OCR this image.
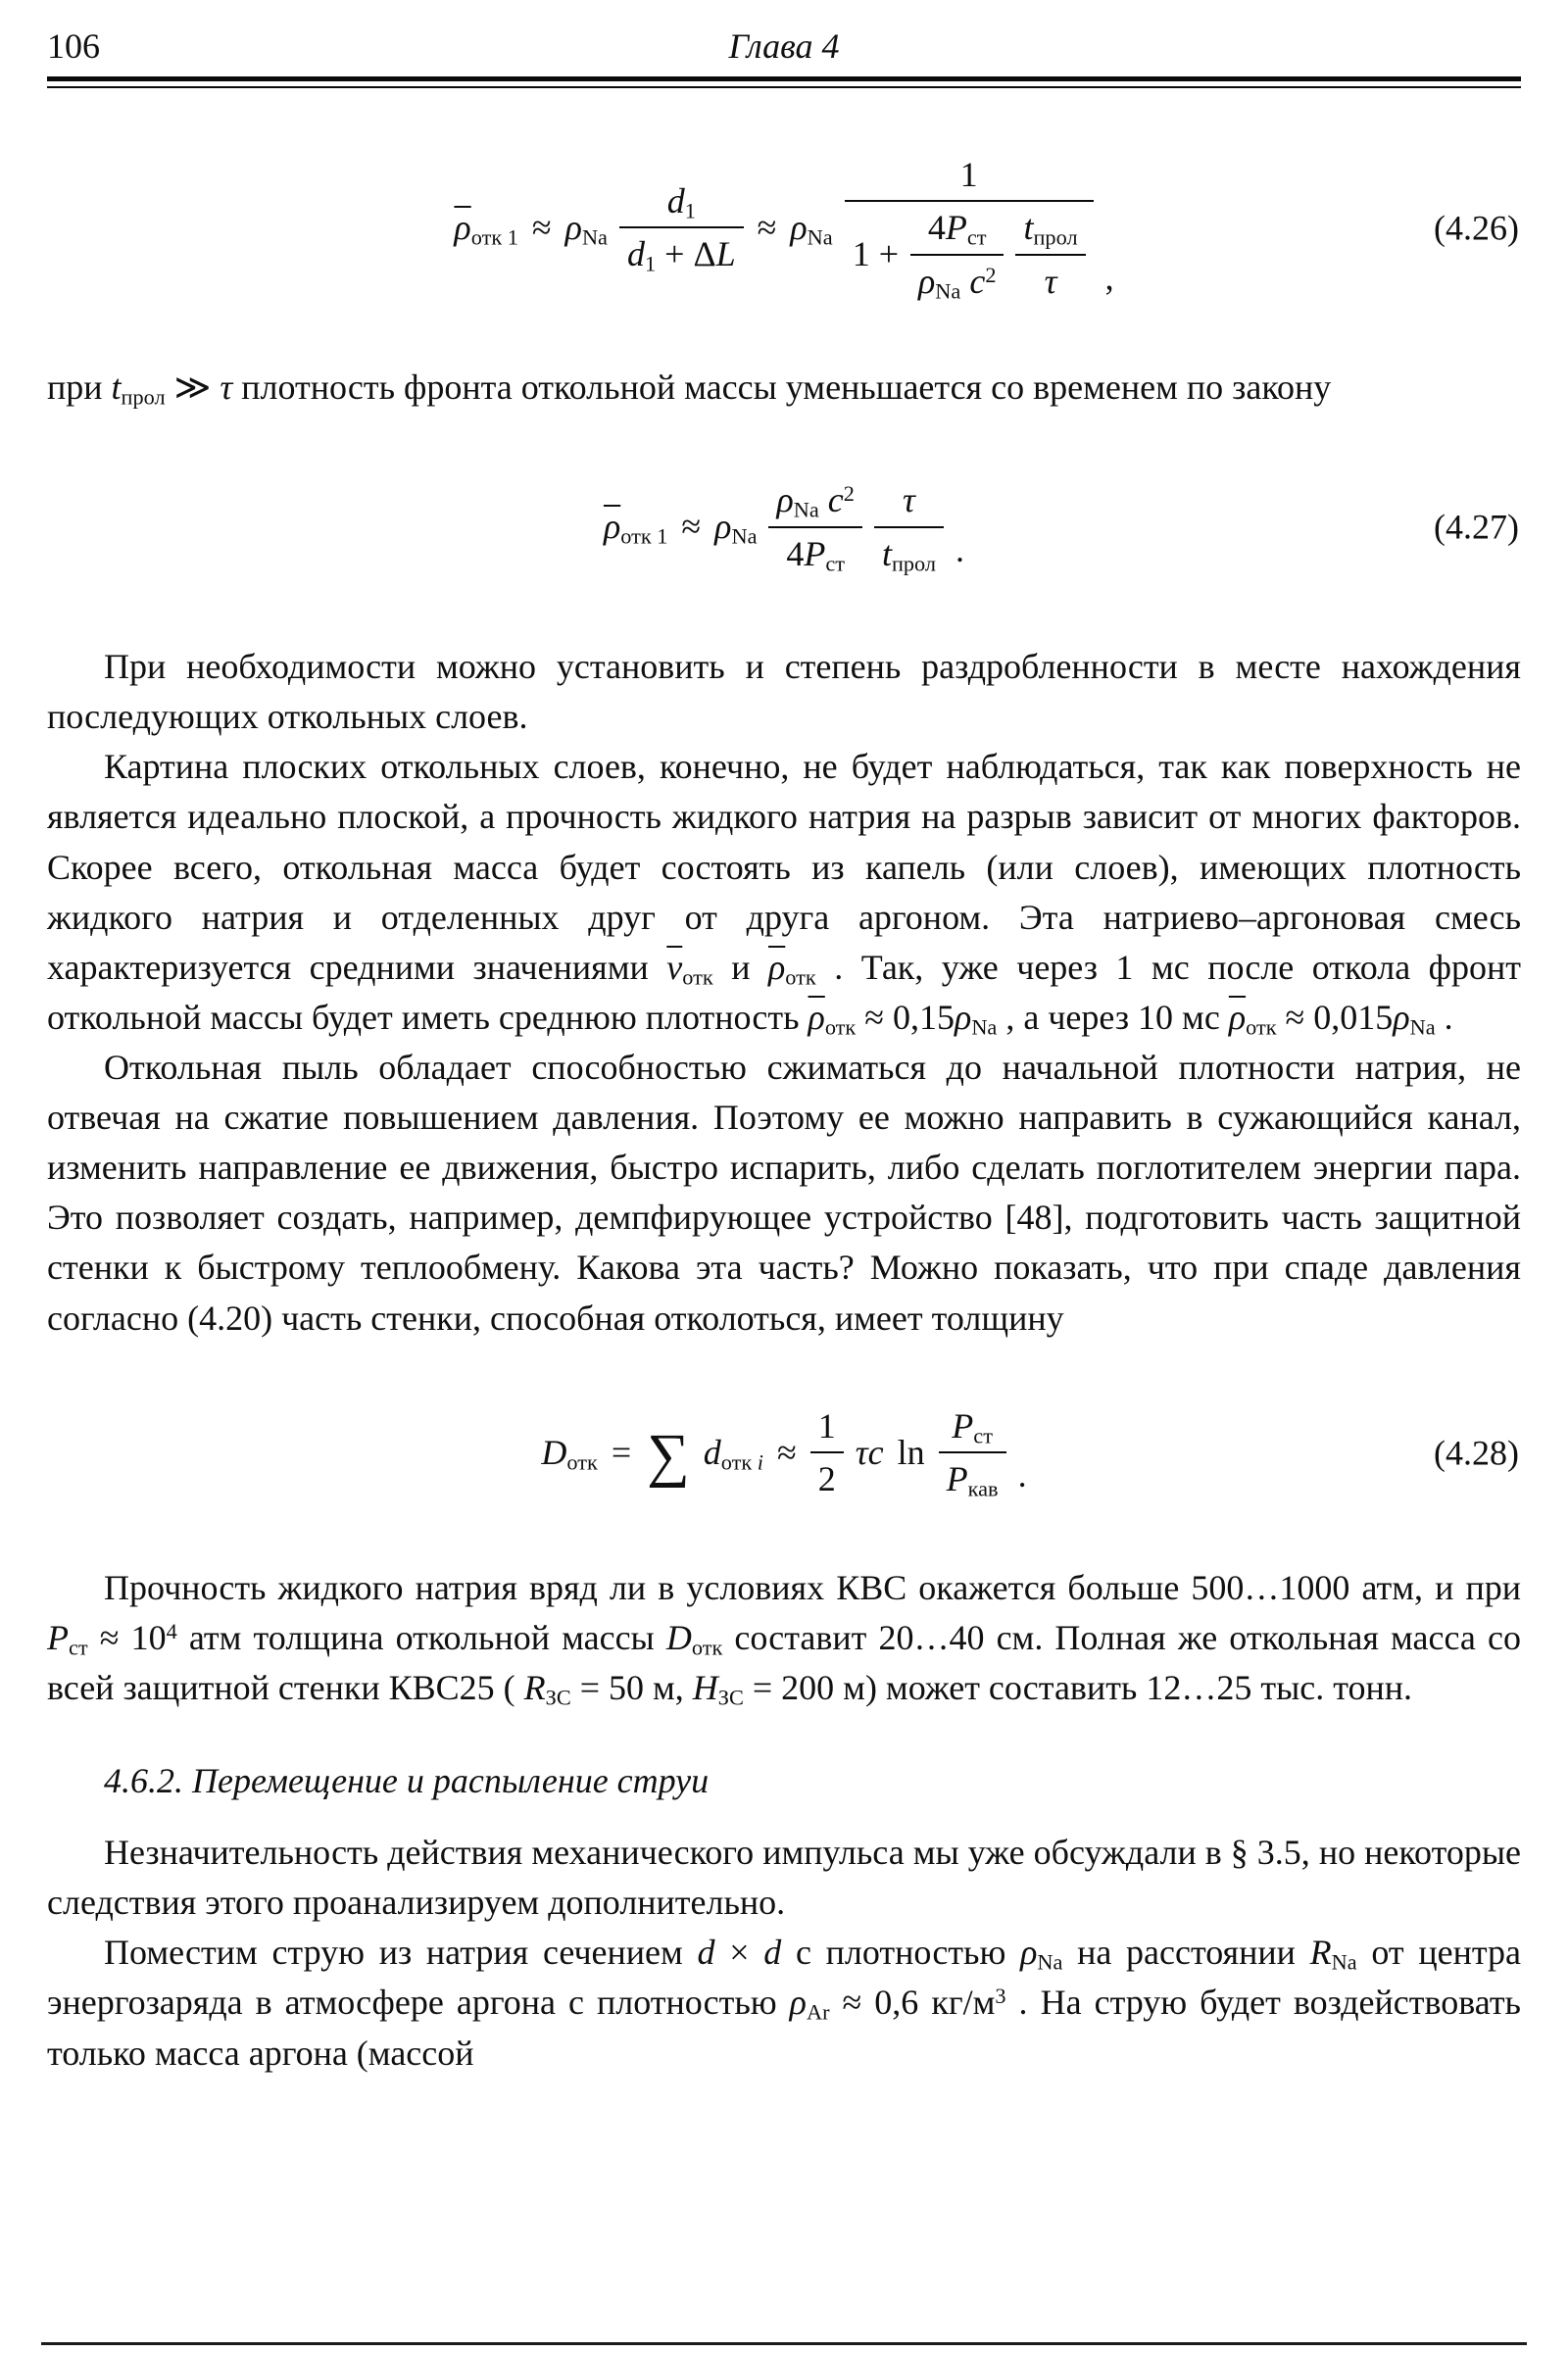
106	Глава 4
$\overline{\rho}_{отк 1} \approx \rho_{Na} \frac{d_1}{d_1 + \Delta L} \approx \rho_{Na}$
1
$1 + \frac{4P_{ст}}{\rho_{Na} c^2} \frac{t_{прол}}{\tau}$ ,
(4.26)

при $t_{прол}$ ≫ τ плотность фронта откольной массы уменьшается со временем по закону

$\overline{\rho}_{отк 1} \approx \rho_{Na} \frac{\rho_{Na} c^2}{4P_{ст}} \frac{\tau}{t_{прол}}$ .
(4.27)

При необходимости можно установить и степень раздробленности в месте нахождения последующих откольных слоев.

Картина плоских откольных слоев, конечно, не будет наблюдаться, так как поверхность не является идеально плоской, а прочность жидкого натрия на разрыв зависит от многих факторов. Скорее всего, откольная масса будет состоять из капель (или слоев), имеющих плотность жидкого натрия и отделенных друг от друга аргоном. Эта натриево–аргоновая смесь характеризуется средними значениями $\overline{v}_{отк}$ и $\overline{\rho}_{отк}$ . Так, уже через 1 мс после откола фронт откольной массы будет иметь среднюю плотность $\overline{\rho}_{отк} \approx 0,15\rho_{Na}$ , а через 10 мс $\overline{\rho}_{отк} \approx 0,015\rho_{Na}$ .

Откольная пыль обладает способностью сжиматься до начальной плотности натрия, не отвечая на сжатие повышением давления. Поэтому ее можно направить в сужающийся канал, изменить направление ее движения, быстро испарить, либо сделать поглотителем энергии пара. Это позволяет создать, например, демпфирующее устройство [48], подготовить часть защитной стенки к быстрому теплообмену. Какова эта часть? Можно показать, что при спаде давления согласно (4.20) часть стенки, способная отколоться, имеет толщину

$D_{отк}$ = ∑ $d_{отк i} \approx \frac{1}{2}$ τc $\ln \frac{P_{ст}}{P_{кав}}$ .
(4.28)

Прочность жидкого натрия вряд ли в условиях КВС окажется больше 500…1000 атм, и при $P_{ст} \approx 10^4$ атм толщина откольной массы $D_{отк}$ составит 20…40 см. Полная же откольная масса со всей защитной стенки КВС25 ( $R_{ЗС} = 50$ м, $H_{ЗС} = 200$ м) может составить 12…25 тыс. тонн.

4.6.2. Перемещение и распыление струи

Незначительность действия механического импульса мы уже обсуждали в § 3.5, но некоторые следствия этого проанализируем дополнительно.

Поместим струю из натрия сечением d × d с плотностью $\rho_{Na}$ на расстоянии $R_{Na}$ от центра энергозаряда в атмосфере аргона с плотностью $\rho_{Ar} \approx 0,6$ $кг/м^3$ . На струю будет воздействовать только масса аргона (массой
